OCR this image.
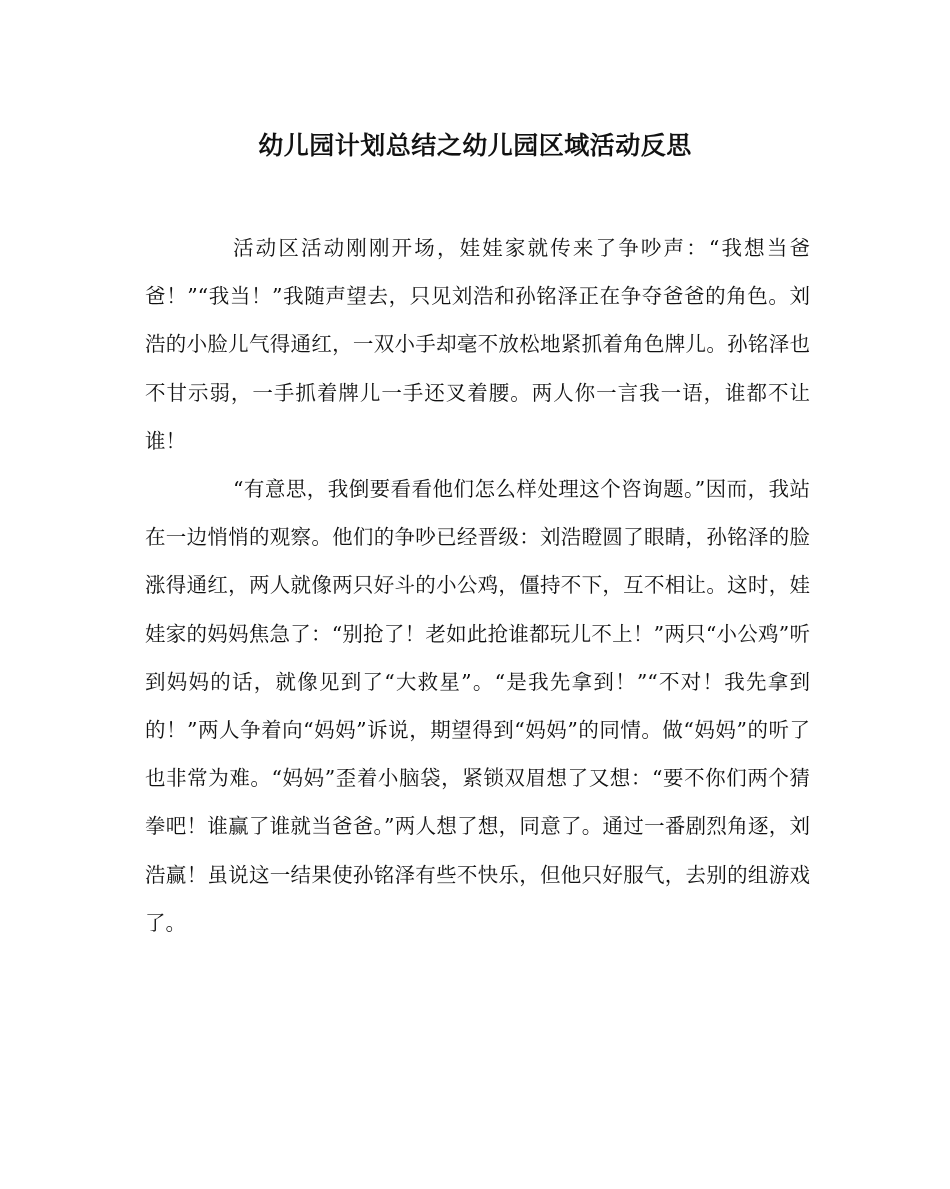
幼儿园计划总结之幼儿园区域活动反思

活动区活动刚刚开场，娃娃家就传来了争吵声：“我想当爸爸！”“我当！”我随声望去，只见刘浩和孙铭泽正在争夺爸爸的角色。刘浩的小脸儿气得通红，一双小手却毫不放松地紧抓着角色牌儿。孙铭泽也不甘示弱，一手抓着牌儿一手还叉着腰。两人你一言我一语，谁都不让谁！

“有意思，我倒要看看他们怎么样处理这个咨询题。”因而，我站在一边悄悄的观察。他们的争吵已经晋级：刘浩瞪圆了眼睛，孙铭泽的脸涨得通红，两人就像两只好斗的小公鸡，僵持不下，互不相让。这时，娃娃家的妈妈焦急了：“别抢了！老如此抢谁都玩儿不上！”两只“小公鸡”听到妈妈的话，就像见到了“大救星”。“是我先拿到！”“不对！我先拿到的！”两人争着向“妈妈”诉说，期望得到“妈妈”的同情。做“妈妈”的听了也非常为难。“妈妈”歪着小脑袋，紧锁双眉想了又想：“要不你们两个猜拳吧！谁赢了谁就当爸爸。”两人想了想，同意了。通过一番剧烈角逐，刘浩赢！虽说这一结果使孙铭泽有些不快乐，但他只好服气，去别的组游戏了。
